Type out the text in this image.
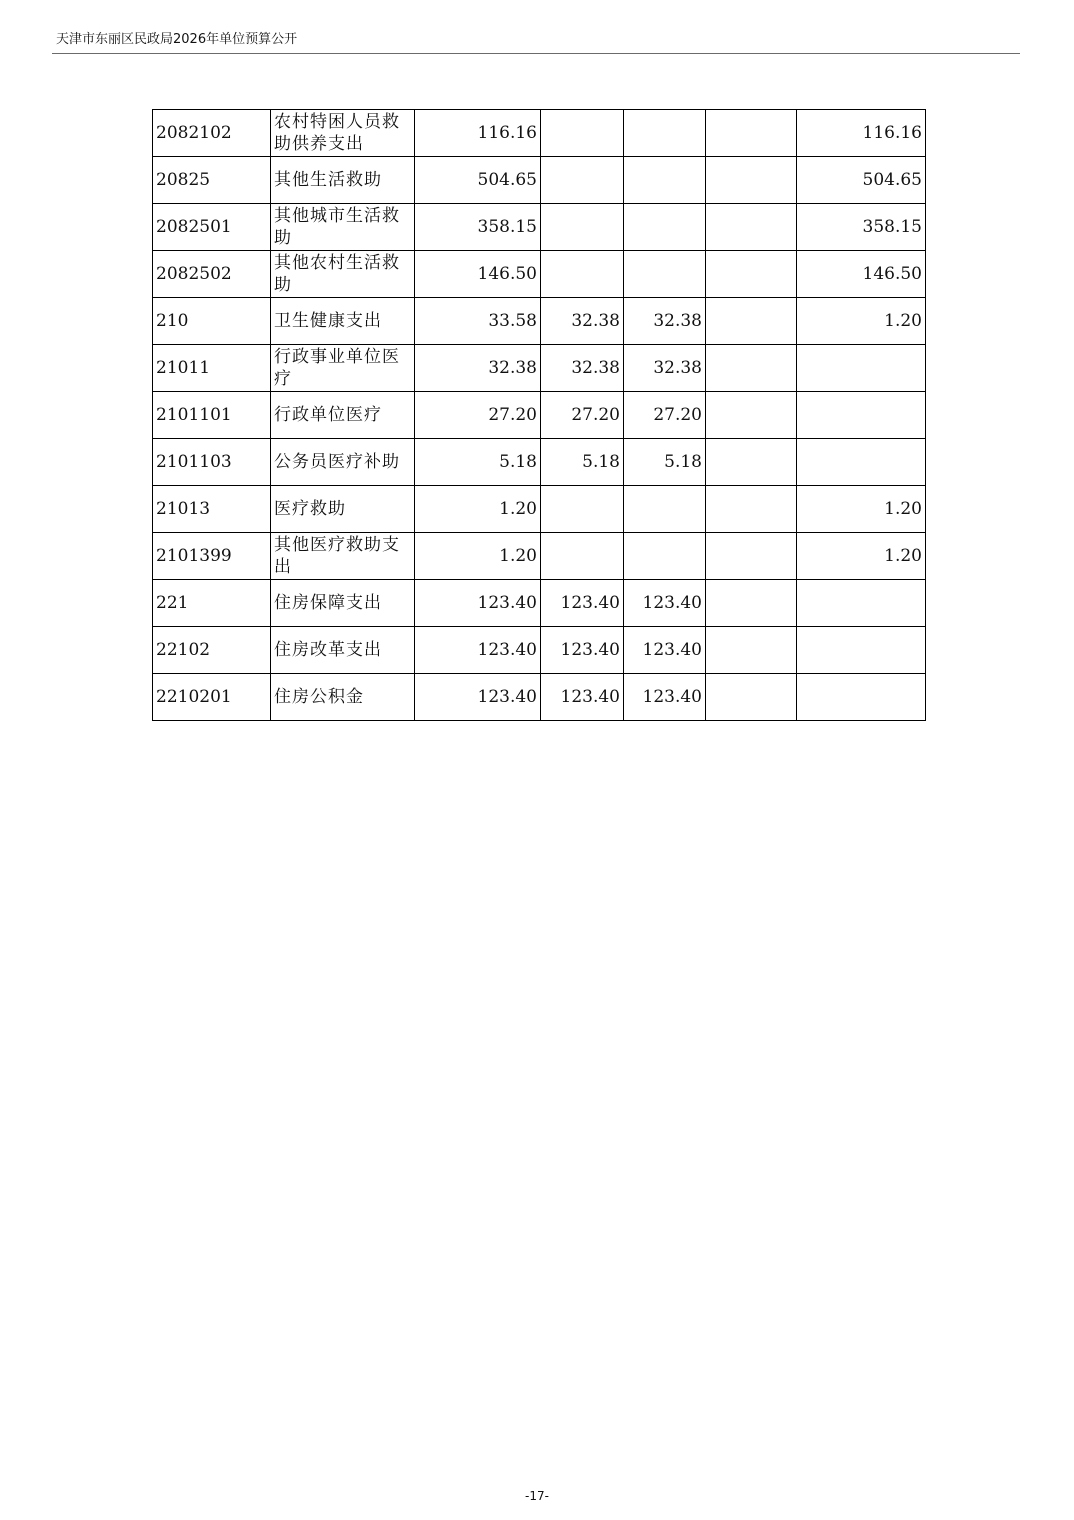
天津市东丽区民政局2026年单位预算公开
2082102	农村特困人员救助供养支出	116.16				116.16
20825	其他生活救助	504.65				504.65
2082501	其他城市生活救助	358.15				358.15
2082502	其他农村生活救助	146.50				146.50
210	卫生健康支出	33.58	32.38	32.38		1.20
21011	行政事业单位医疗	32.38	32.38	32.38		
2101101	行政单位医疗	27.20	27.20	27.20		
2101103	公务员医疗补助	5.18	5.18	5.18		
21013	医疗救助	1.20				1.20
2101399	其他医疗救助支出	1.20				1.20
221	住房保障支出	123.40	123.40	123.40		
22102	住房改革支出	123.40	123.40	123.40		
2210201	住房公积金	123.40	123.40	123.40		
-17-
